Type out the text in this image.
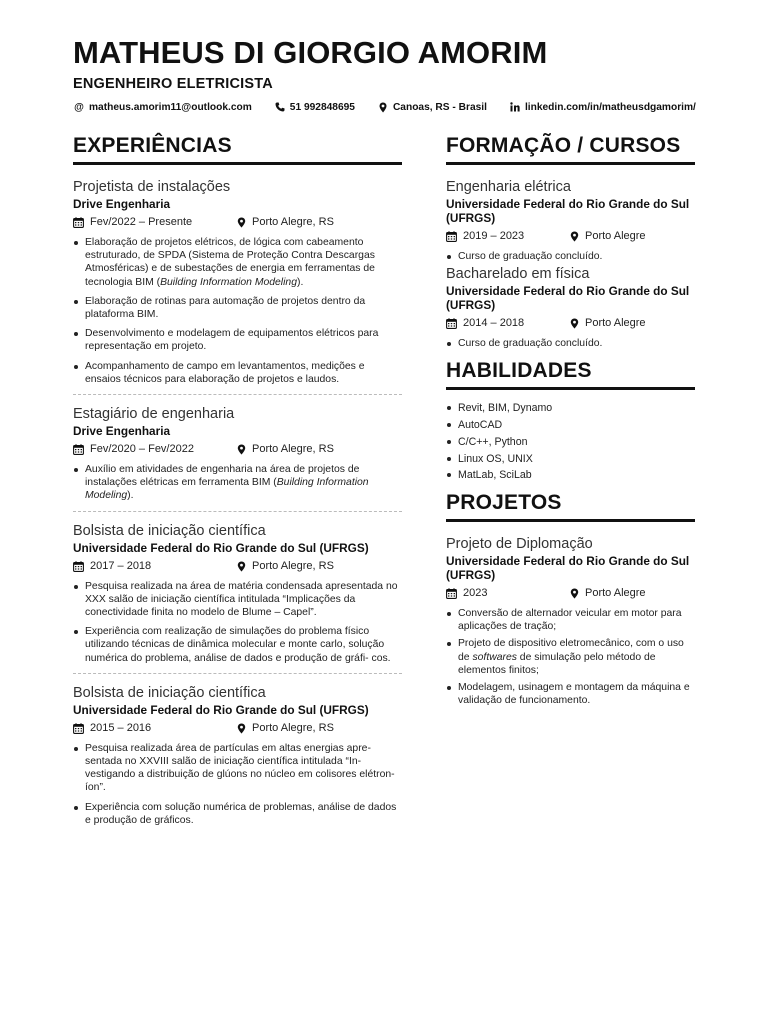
MATHEUS DI GIORGIO AMORIM
ENGENHEIRO ELETRICISTA
@ matheus.amorim11@outlook.com	51 992848695	Canoas, RS - Brasil	linkedin.com/in/matheusdgamorim/
EXPERIÊNCIAS
Projetista de instalações
Drive Engenharia
Fev/2022 – Presente	Porto Alegre, RS
Elaboração de projetos elétricos, de lógica com cabeamento estruturado, de SPDA (Sistema de Proteção Contra Descargas Atmosféricas) e de subestações de energia em ferramentas de tecnologia BIM (Building Information Modeling).
Elaboração de rotinas para automação de projetos dentro da plataforma BIM.
Desenvolvimento e modelagem de equipamentos elétricos para representação em projeto.
Acompanhamento de campo em levantamentos, medições e ensaios técnicos para elaboração de projetos e laudos.
Estagiário de engenharia
Drive Engenharia
Fev/2020 – Fev/2022	Porto Alegre, RS
Auxílio em atividades de engenharia na área de projetos de instalações elétricas em ferramenta BIM (Building Information Modeling).
Bolsista de iniciação científica
Universidade Federal do Rio Grande do Sul (UFRGS)
2017 – 2018	Porto Alegre, RS
Pesquisa realizada na área de matéria condensada apresentada no XXX salão de iniciação científica intitulada “Implicações da conectividade finita no modelo de Blume – Capel”.
Experiência com realização de simulações do problema físico utilizando técnicas de dinâmica molecular e monte carlo, solução numérica do problema, análise de dados e produção de gráfi- cos.
Bolsista de iniciação científica
Universidade Federal do Rio Grande do Sul (UFRGS)
2015 – 2016	Porto Alegre, RS
Pesquisa realizada área de partículas em altas energias apre- sentada no XXVIII salão de iniciação científica intitulada “In- vestigando a distribuição de glúons no núcleo em colisores elétron-íon”.
Experiência com solução numérica de problemas, análise de dados e produção de gráficos.
FORMAÇÃO / CURSOS
Engenharia elétrica
Universidade Federal do Rio Grande do Sul (UFRGS)
2019 – 2023	Porto Alegre
Curso de graduação concluído.
Bacharelado em física
Universidade Federal do Rio Grande do Sul (UFRGS)
2014 – 2018	Porto Alegre
Curso de graduação concluído.
HABILIDADES
Revit, BIM, Dynamo
AutoCAD
C/C++, Python
Linux OS, UNIX
MatLab, SciLab
PROJETOS
Projeto de Diplomação
Universidade Federal do Rio Grande do Sul (UFRGS)
2023	Porto Alegre
Conversão de alternador veicular em motor para aplicações de tração;
Projeto de dispositivo eletromecânico, com o uso de softwares de simulação pelo método de elementos finitos;
Modelagem, usinagem e montagem da máquina e validação de funcionamento.
